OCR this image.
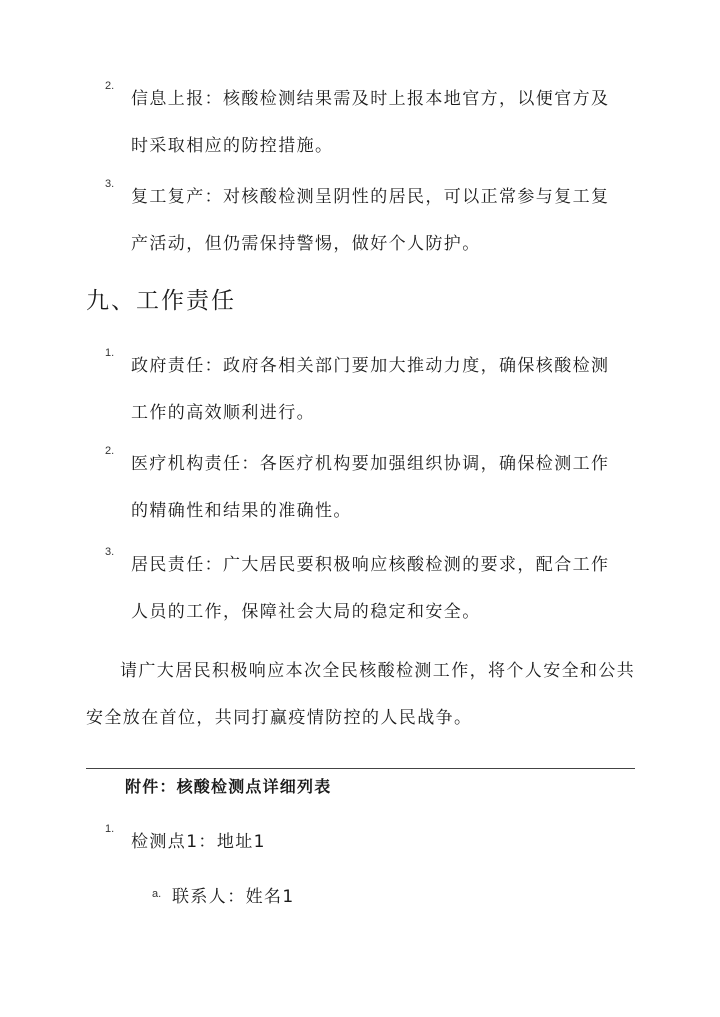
2.
信息上报：核酸检测结果需及时上报本地官方，以便官方及时采取相应的防控措施。
3.
复工复产：对核酸检测呈阴性的居民，可以正常参与复工复产活动，但仍需保持警惕，做好个人防护。
九、工作责任
1.
政府责任：政府各相关部门要加大推动力度，确保核酸检测工作的高效顺利进行。
2.
医疗机构责任：各医疗机构要加强组织协调，确保检测工作的精确性和结果的准确性。
3.
居民责任：广大居民要积极响应核酸检测的要求，配合工作人员的工作，保障社会大局的稳定和安全。
请广大居民积极响应本次全民核酸检测工作，将个人安全和公共安全放在首位，共同打赢疫情防控的人民战争。
附件：核酸检测点详细列表
1.
检测点1：地址1
a. 联系人：姓名1
